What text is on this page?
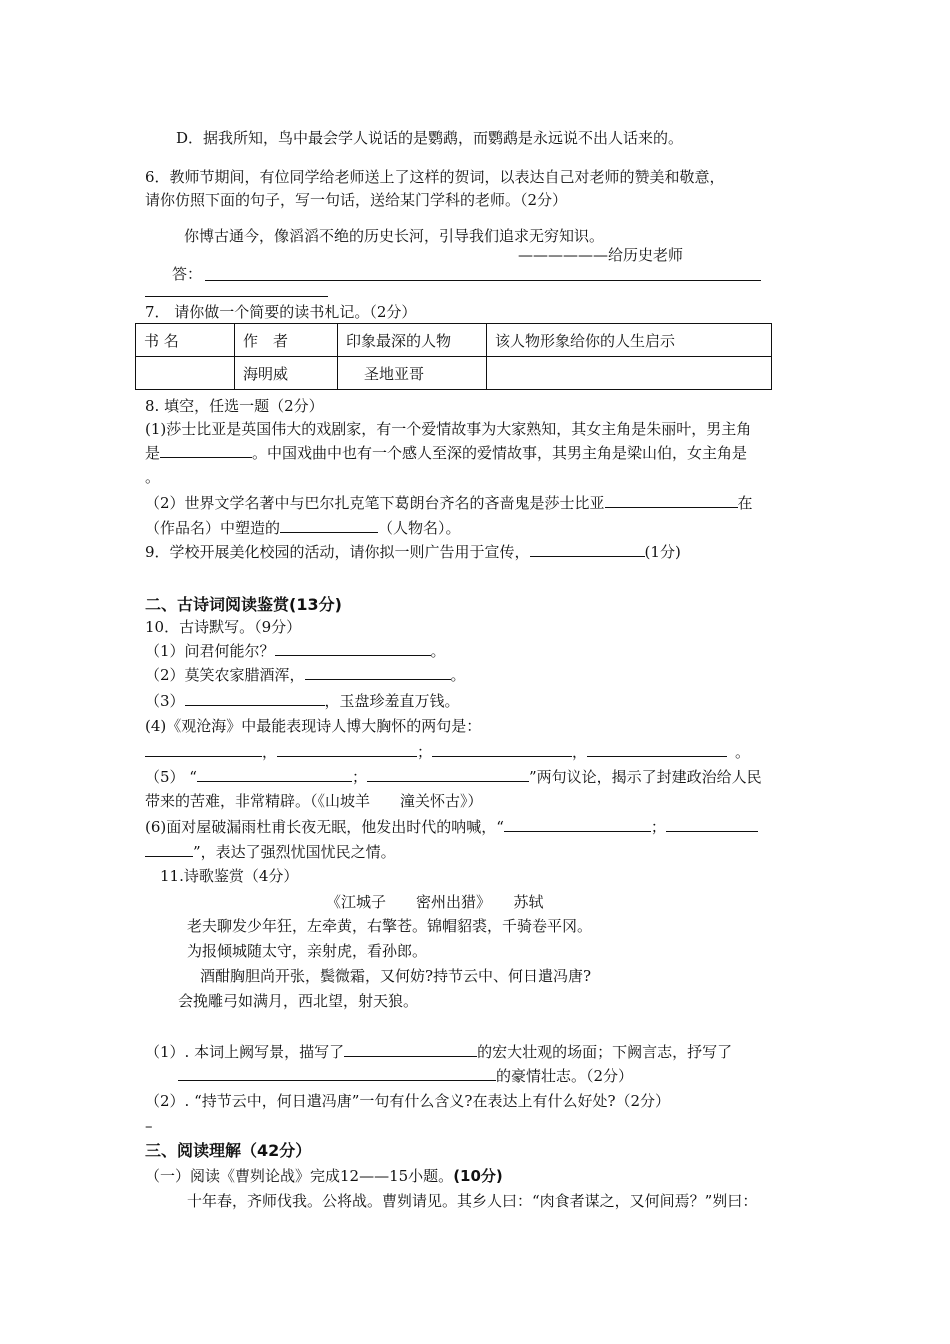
D．据我所知，鸟中最会学人说话的是鹦鹉，而鹦鹉是永远说不出人话来的。
6．教师节期间，有位同学给老师送上了这样的贺词，以表达自己对老师的赞美和敬意，
请你仿照下面的句子，写一句话，送给某门学科的老师。（2分）
你博古通今，像滔滔不绝的历史长河，引导我们追求无穷知识。
——————给历史老师
答：
7． 请你做一个简要的读书札记。（2分）
书 名	作　者	印象最深的人物	该人物形象给你的人生启示
	海明威	圣地亚哥	
8. 填空，任选一题（2分）
(1)莎士比亚是英国伟大的戏剧家，有一个爱情故事为大家熟知，其女主角是朱丽叶，男主角
是	。中国戏曲中也有一个感人至深的爱情故事，其男主角是梁山伯，女主角是
。
（2）世界文学名著中与巴尔扎克笔下葛朗台齐名的吝啬鬼是莎士比亚	在
（作品名）中塑造的	（人物名）。
9．学校开展美化校园的活动，请你拟一则广告用于宣传，	(1分)
二、古诗词阅读鉴赏(13分)
10．古诗默写。（9分）
（1）问君何能尔？	。
（2）莫笑农家腊酒浑，	。
（3）	，玉盘珍羞直万钱。
(4)《观沧海》中最能表现诗人博大胸怀的两句是：
，	；	，	。
（5） “	；	”两句议论，揭示了封建政治给人民
带来的苦难，非常精辟。（《山坡羊　　潼关怀古》）
(6)面对屋破漏雨杜甫长夜无眠，他发出时代的呐喊，“	；
”，表达了强烈忧国忧民之情。
11.诗歌鉴赏（4分）
《江城子　　密州出猎》　　苏轼
老夫聊发少年狂，左牵黄，右擎苍。锦帽貂裘，千骑卷平冈。
为报倾城随太守，亲射虎，看孙郎。
酒酣胸胆尚开张，鬓微霜，又何妨?持节云中、何日遣冯唐?
会挽雕弓如满月，西北望，射天狼。
（1）. 本词上阙写景，描写了	的宏大壮观的场面；下阙言志，抒写了
的豪情壮志。（2分）
（2）. “持节云中，何日遣冯唐”一句有什么含义?在表达上有什么好处?（2分）
–
三、阅读理解（42分）
（一）阅读《曹刿论战》完成12——15小题。(10分)
十年春，齐师伐我。公将战。曹刿请见。其乡人曰：“肉食者谋之，又何间焉？”刿曰：
